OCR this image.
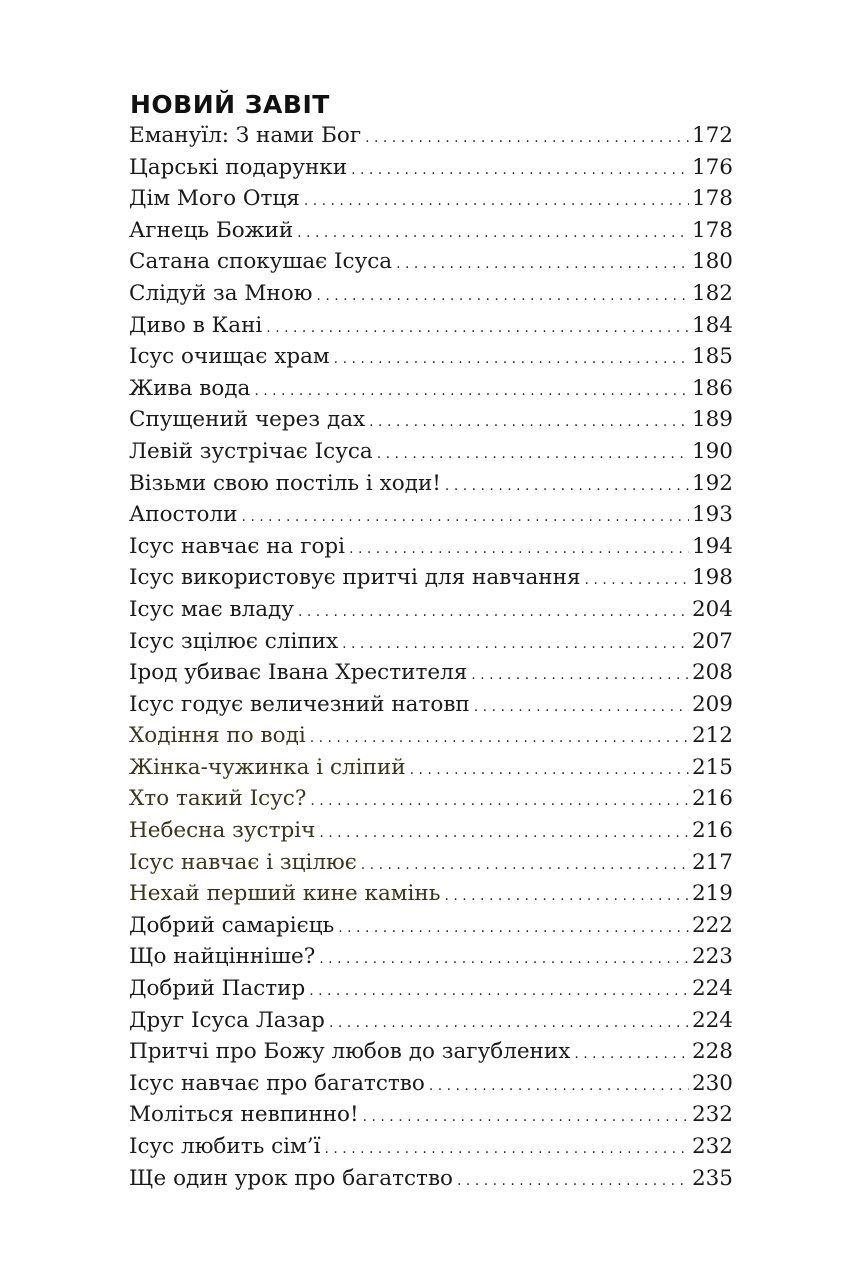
НОВИЙ ЗАВІТ
Емануїл: З нами Бог . . .	172
Царські подарунки . . .	176
Дім Мого Отця . . .	178
Агнець Божий . . .	178
Сатана спокушає Ісуса . . .	180
Слідуй за Мною . . .	182
Диво в Кані . . .	184
Ісус очищає храм . . .	185
Жива вода . . .	186
Спущений через дах . . .	189
Левій зустрічає Ісуса . . .	190
Візьми свою постіль і ходи! . . .	192
Апостоли . . .	193
Ісус навчає на горі . . .	194
Ісус використовує притчі для навчання . . .	198
Ісус має владу . . .	204
Ісус зцілює сліпих . . .	207
Ірод убиває Івана Хрестителя . . .	208
Ісус годує величезний натовп . . .	209
Ходіння по воді . . .	212
Жінка-чужинка і сліпий . . .	215
Хто такий Ісус? . . .	216
Небесна зустріч . . .	216
Ісус навчає і зцілює . . .	217
Нехай перший кине камінь . . .	219
Добрий самарієць . . .	222
Що найцінніше? . . .	223
Добрий Пастир . . .	224
Друг Ісуса Лазар . . .	224
Притчі про Божу любов до загублених . . .	228
Ісус навчає про багатство . . .	230
Моліться невпинно! . . .	232
Ісус любить сім’ї . . .	232
Ще один урок про багатство . . .	235
